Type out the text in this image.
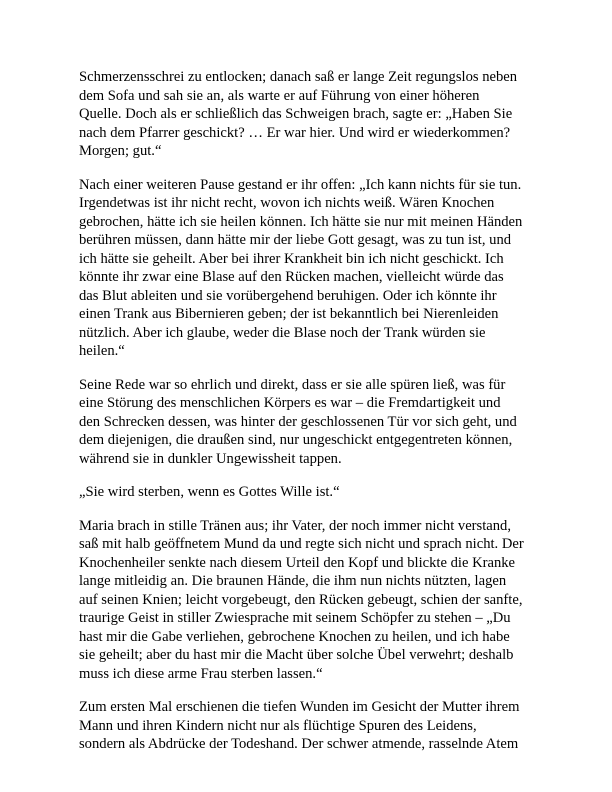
Schmerzensschrei zu entlocken; danach saß er lange Zeit regungslos neben
dem Sofa und sah sie an, als warte er auf Führung von einer höheren
Quelle. Doch als er schließlich das Schweigen brach, sagte er: „Haben Sie
nach dem Pfarrer geschickt? … Er war hier. Und wird er wiederkommen?
Morgen; gut.“

Nach einer weiteren Pause gestand er ihr offen: „Ich kann nichts für sie tun.
Irgendetwas ist ihr nicht recht, wovon ich nichts weiß. Wären Knochen
gebrochen, hätte ich sie heilen können. Ich hätte sie nur mit meinen Händen
berühren müssen, dann hätte mir der liebe Gott gesagt, was zu tun ist, und
ich hätte sie geheilt. Aber bei ihrer Krankheit bin ich nicht geschickt. Ich
könnte ihr zwar eine Blase auf den Rücken machen, vielleicht würde das
das Blut ableiten und sie vorübergehend beruhigen. Oder ich könnte ihr
einen Trank aus Bibernieren geben; der ist bekanntlich bei Nierenleiden
nützlich. Aber ich glaube, weder die Blase noch der Trank würden sie
heilen.“

Seine Rede war so ehrlich und direkt, dass er sie alle spüren ließ, was für
eine Störung des menschlichen Körpers es war – die Fremdartigkeit und
den Schrecken dessen, was hinter der geschlossenen Tür vor sich geht, und
dem diejenigen, die draußen sind, nur ungeschickt entgegentreten können,
während sie in dunkler Ungewissheit tappen.

„Sie wird sterben, wenn es Gottes Wille ist.“

Maria brach in stille Tränen aus; ihr Vater, der noch immer nicht verstand,
saß mit halb geöffnetem Mund da und regte sich nicht und sprach nicht. Der
Knochenheiler senkte nach diesem Urteil den Kopf und blickte die Kranke
lange mitleidig an. Die braunen Hände, die ihm nun nichts nützten, lagen
auf seinen Knien; leicht vorgebeugt, den Rücken gebeugt, schien der sanfte,
traurige Geist in stiller Zwiesprache mit seinem Schöpfer zu stehen – „Du
hast mir die Gabe verliehen, gebrochene Knochen zu heilen, und ich habe
sie geheilt; aber du hast mir die Macht über solche Übel verwehrt; deshalb
muss ich diese arme Frau sterben lassen.“

Zum ersten Mal erschienen die tiefen Wunden im Gesicht der Mutter ihrem
Mann und ihren Kindern nicht nur als flüchtige Spuren des Leidens,
sondern als Abdrücke der Todeshand. Der schwer atmende, rasselnde Atem
